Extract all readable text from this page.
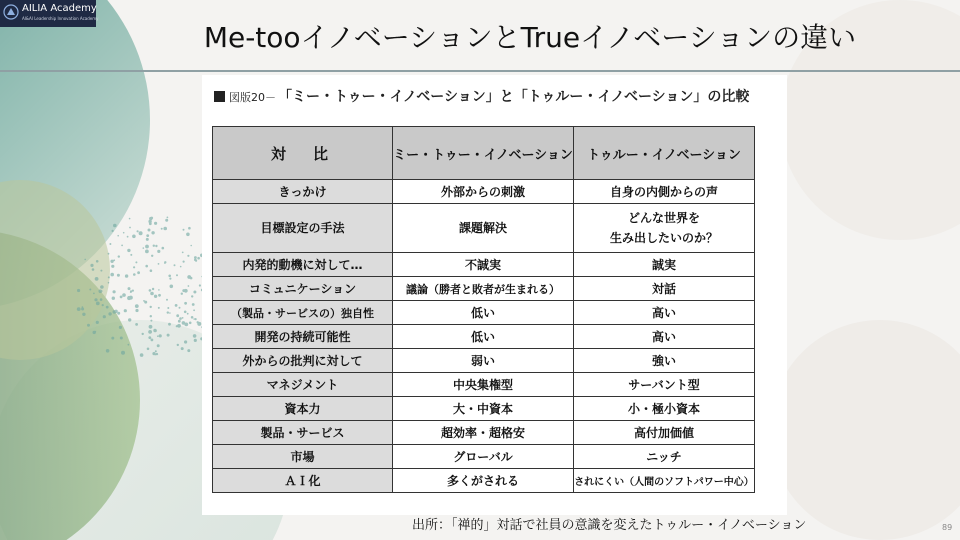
AILIA Academy
AI&AI Leadership Innovation Academy
Me-tooイノベーションとTrueイノベーションの違い
図版20－ 「ミー・トゥー・イノベーション」と「トゥルー・イノベーション」の比較
対　比	ミー・トゥー・イノベーション	トゥルー・イノベーション
きっかけ	外部からの刺激	自身の内側からの声
目標設定の手法	課題解決	どんな世界を
生み出したいのか？
内発的動機に対して…	不誠実	誠実
コミュニケーション	議論（勝者と敗者が生まれる）	対話
（製品・サービスの）独自性	低い	高い
開発の持続可能性	低い	高い
外からの批判に対して	弱い	強い
マネジメント	中央集権型	サーバント型
資本力	大・中資本	小・極小資本
製品・サービス	超効率・超格安	高付加価値
市場	グローバル	ニッチ
ＡＩ化	多くがされる	されにくい（人間のソフトパワー中心）
出所：「禅的」対話で社員の意識を変えたトゥルー・イノベーション	89
